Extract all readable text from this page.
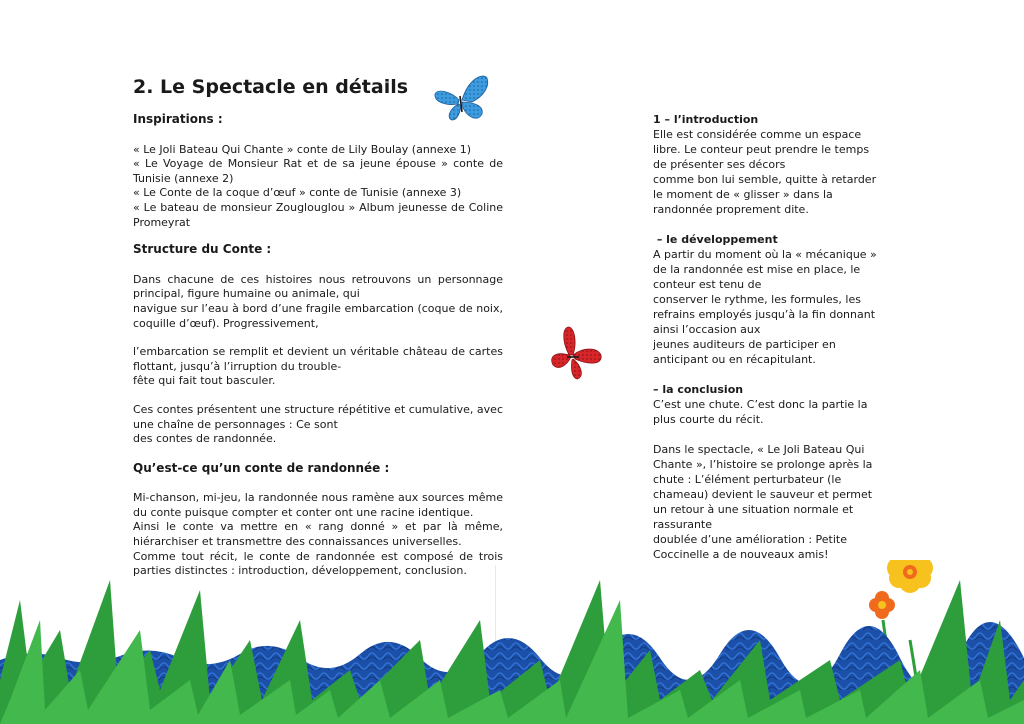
2. Le Spectacle en détails
Inspirations :
« Le Joli Bateau Qui Chante » conte de Lily Boulay (annexe 1)
« Le Voyage de Monsieur Rat et de sa jeune épouse » conte de
Tunisie (annexe 2)
« Le Conte de la coque d’œuf » conte de Tunisie (annexe 3)
« Le bateau de monsieur Zouglouglou » Album jeunesse de Coline
Promeyrat
Structure du Conte :

Dans chacune de ces histoires nous retrouvons un personnage principal, figure humaine ou animale, qui
navigue sur l’eau à bord d’une fragile embarcation (coque de noix, coquille d’œuf). Progressivement,

l’embarcation se remplit et devient un véritable château de cartes flottant, jusqu’à l’irruption du trouble-
fête qui fait tout basculer.

Ces contes présentent une structure répétitive et cumulative, avec une chaîne de personnages : Ce sont
des contes de randonnée.

Qu’est-ce qu’un conte de randonnée :

Mi-chanson, mi-jeu, la randonnée nous ramène aux sources même du conte puisque compter et conter ont une racine identique.
Ainsi le conte va mettre en « rang donné » et par là même, hiérarchiser et transmettre des connaissances universelles.
Comme tout récit, le conte de randonnée est composé de trois parties distinctes : introduction, développement, conclusion.

1 – l’introduction

Elle est considérée comme un espace
libre. Le conteur peut prendre le temps
de présenter ses décors
comme bon lui semble, quitte à retarder
le moment de « glisser » dans la
randonnée proprement dite.

– le développement

A partir du moment où la « mécanique »
de la randonnée est mise en place, le
conteur est tenu de
conserver le rythme, les formules, les
refrains employés jusqu’à la fin donnant
ainsi l’occasion aux
jeunes auditeurs de participer en
anticipant ou en récapitulant.

– la conclusion

C’est une chute. C’est donc la partie la
plus courte du récit.

Dans le spectacle, « Le Joli Bateau Qui
Chante », l’histoire se prolonge après la
chute : L’élément perturbateur (le
chameau) devient le sauveur et permet
un retour à une situation normale et
rassurante
doublée d’une amélioration : Petite
Coccinelle a de nouveaux amis!
